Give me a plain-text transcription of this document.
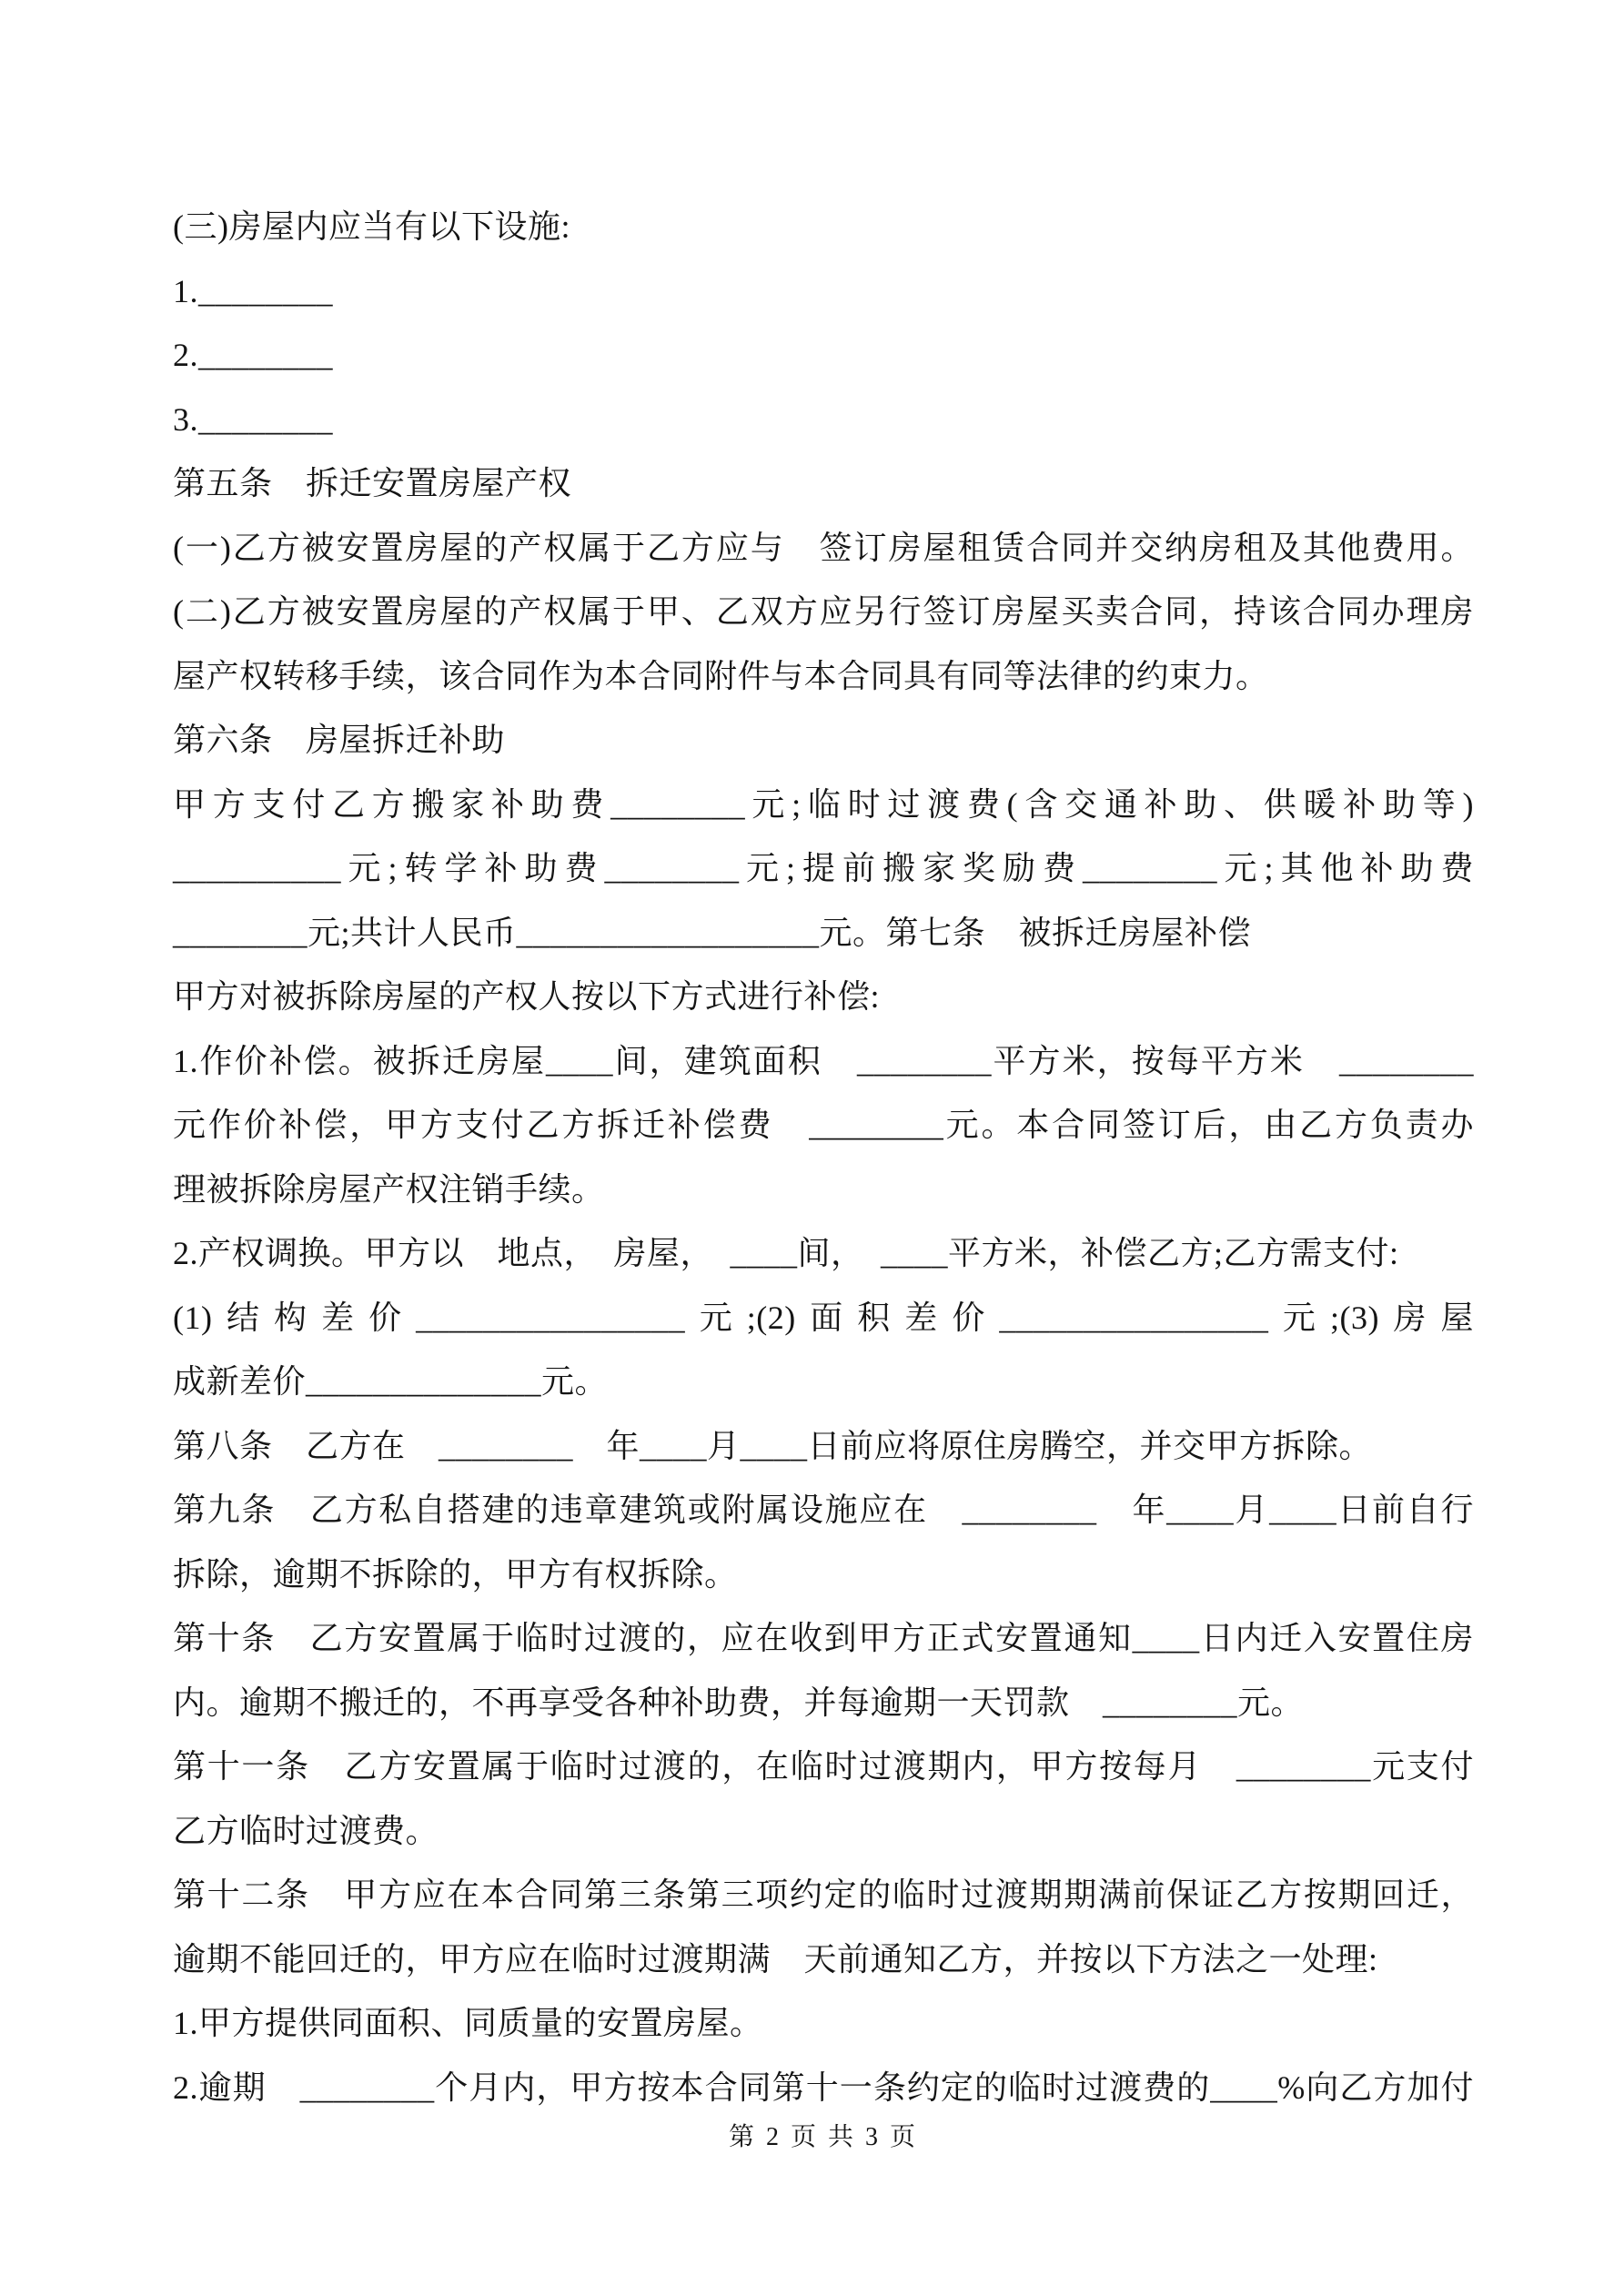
(三)房屋内应当有以下设施:
1.________
2.________
3.________
第五条　拆迁安置房屋产权
(一)乙方被安置房屋的产权属于乙方应与　签订房屋租赁合同并交纳房租及其他费用。
(二)乙方被安置房屋的产权属于甲、乙双方应另行签订房屋买卖合同，持该合同办理房
屋产权转移手续，该合同作为本合同附件与本合同具有同等法律的约束力。
第六条　房屋拆迁补助
甲方支付乙方搬家补助费________元;临时过渡费(含交通补助、供暖补助等)
__________元;转学补助费________元;提前搬家奖励费________元;其他补助费
________元;共计人民币__________________元。第七条　被拆迁房屋补偿
甲方对被拆除房屋的产权人按以下方式进行补偿:
1.作价补偿。被拆迁房屋____间，建筑面积　________平方米，按每平方米　________
元作价补偿，甲方支付乙方拆迁补偿费　________元。本合同签订后，由乙方负责办
理被拆除房屋产权注销手续。
2.产权调换。甲方以　地点，　房屋，　____间，　____平方米，补偿乙方;乙方需支付:
(1)结构差价________________元;(2)面积差价________________元;(3)房屋
成新差价______________元。
第八条　乙方在　________　年____月____日前应将原住房腾空，并交甲方拆除。
第九条　乙方私自搭建的违章建筑或附属设施应在　________　年____月____日前自行
拆除，逾期不拆除的，甲方有权拆除。
第十条　乙方安置属于临时过渡的，应在收到甲方正式安置通知____日内迁入安置住房
内。逾期不搬迁的，不再享受各种补助费，并每逾期一天罚款　________元。
第十一条　乙方安置属于临时过渡的，在临时过渡期内，甲方按每月　________元支付
乙方临时过渡费。
第十二条　甲方应在本合同第三条第三项约定的临时过渡期期满前保证乙方按期回迁，
逾期不能回迁的，甲方应在临时过渡期满　天前通知乙方，并按以下方法之一处理:
1.甲方提供同面积、同质量的安置房屋。
2.逾期　________个月内，甲方按本合同第十一条约定的临时过渡费的____%向乙方加付
第 2 页 共 3 页
